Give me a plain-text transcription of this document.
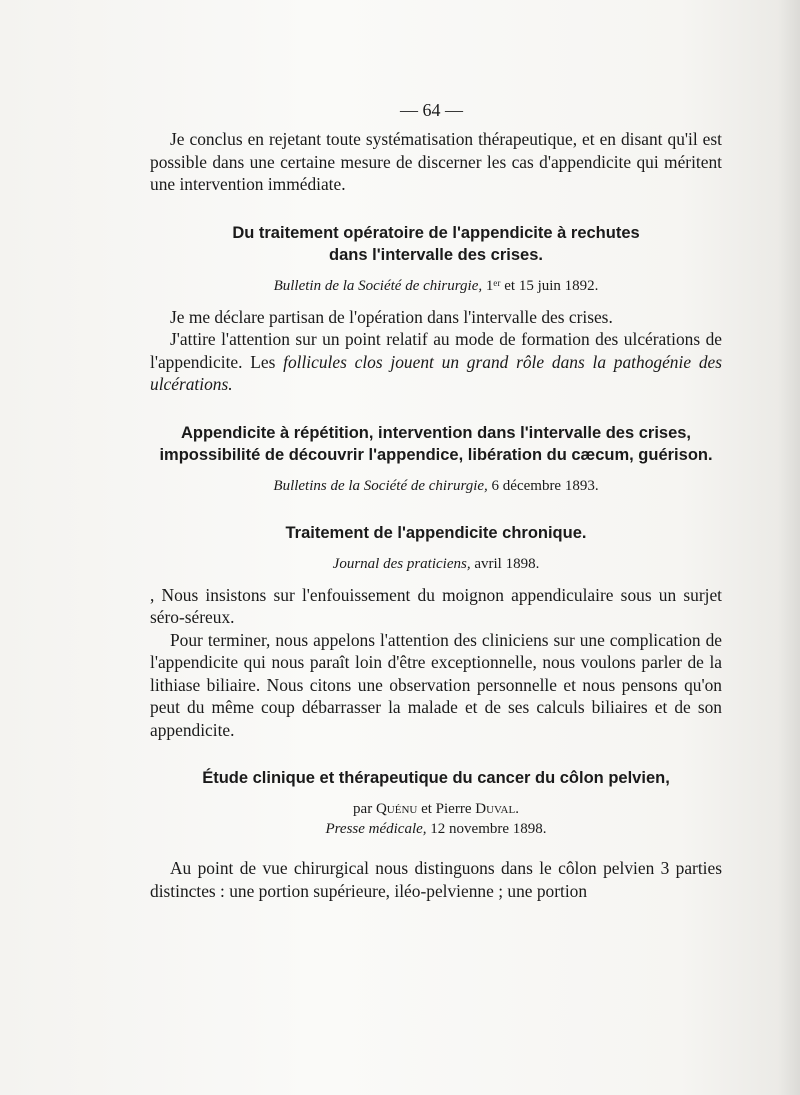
— 64 —

Je conclus en rejetant toute systématisation thérapeutique, et en disant qu'il est possible dans une certaine mesure de discerner les cas d'appendicite qui méritent une intervention immédiate.

Du traitement opératoire de l'appendicite à rechutes
dans l'intervalle des crises.
Bulletin de la Société de chirurgie, 1ᵉʳ et 15 juin 1892.

Je me déclare partisan de l'opération dans l'intervalle des crises.

J'attire l'attention sur un point relatif au mode de formation des ulcérations de l'appendicite. Les follicules clos jouent un grand rôle dans la pathogénie des ulcérations.

Appendicite à répétition, intervention dans l'intervalle des crises,
impossibilité de découvrir l'appendice, libération du cæcum, guérison.
Bulletins de la Société de chirurgie, 6 décembre 1893.
Traitement de l'appendicite chronique.
Journal des praticiens, avril 1898.

, Nous insistons sur l'enfouissement du moignon appendiculaire sous un surjet séro-séreux.

Pour terminer, nous appelons l'attention des cliniciens sur une complication de l'appendicite qui nous paraît loin d'être exceptionnelle, nous voulons parler de la lithiase biliaire. Nous citons une observation personnelle et nous pensons qu'on peut du même coup débarrasser la malade et de ses calculs biliaires et de son appendicite.

Étude clinique et thérapeutique du cancer du côlon pelvien,
par Quénu et Pierre Duval.
Presse médicale, 12 novembre 1898.

Au point de vue chirurgical nous distinguons dans le côlon pelvien 3 parties distinctes : une portion supérieure, iléo-pelvienne ; une portion
